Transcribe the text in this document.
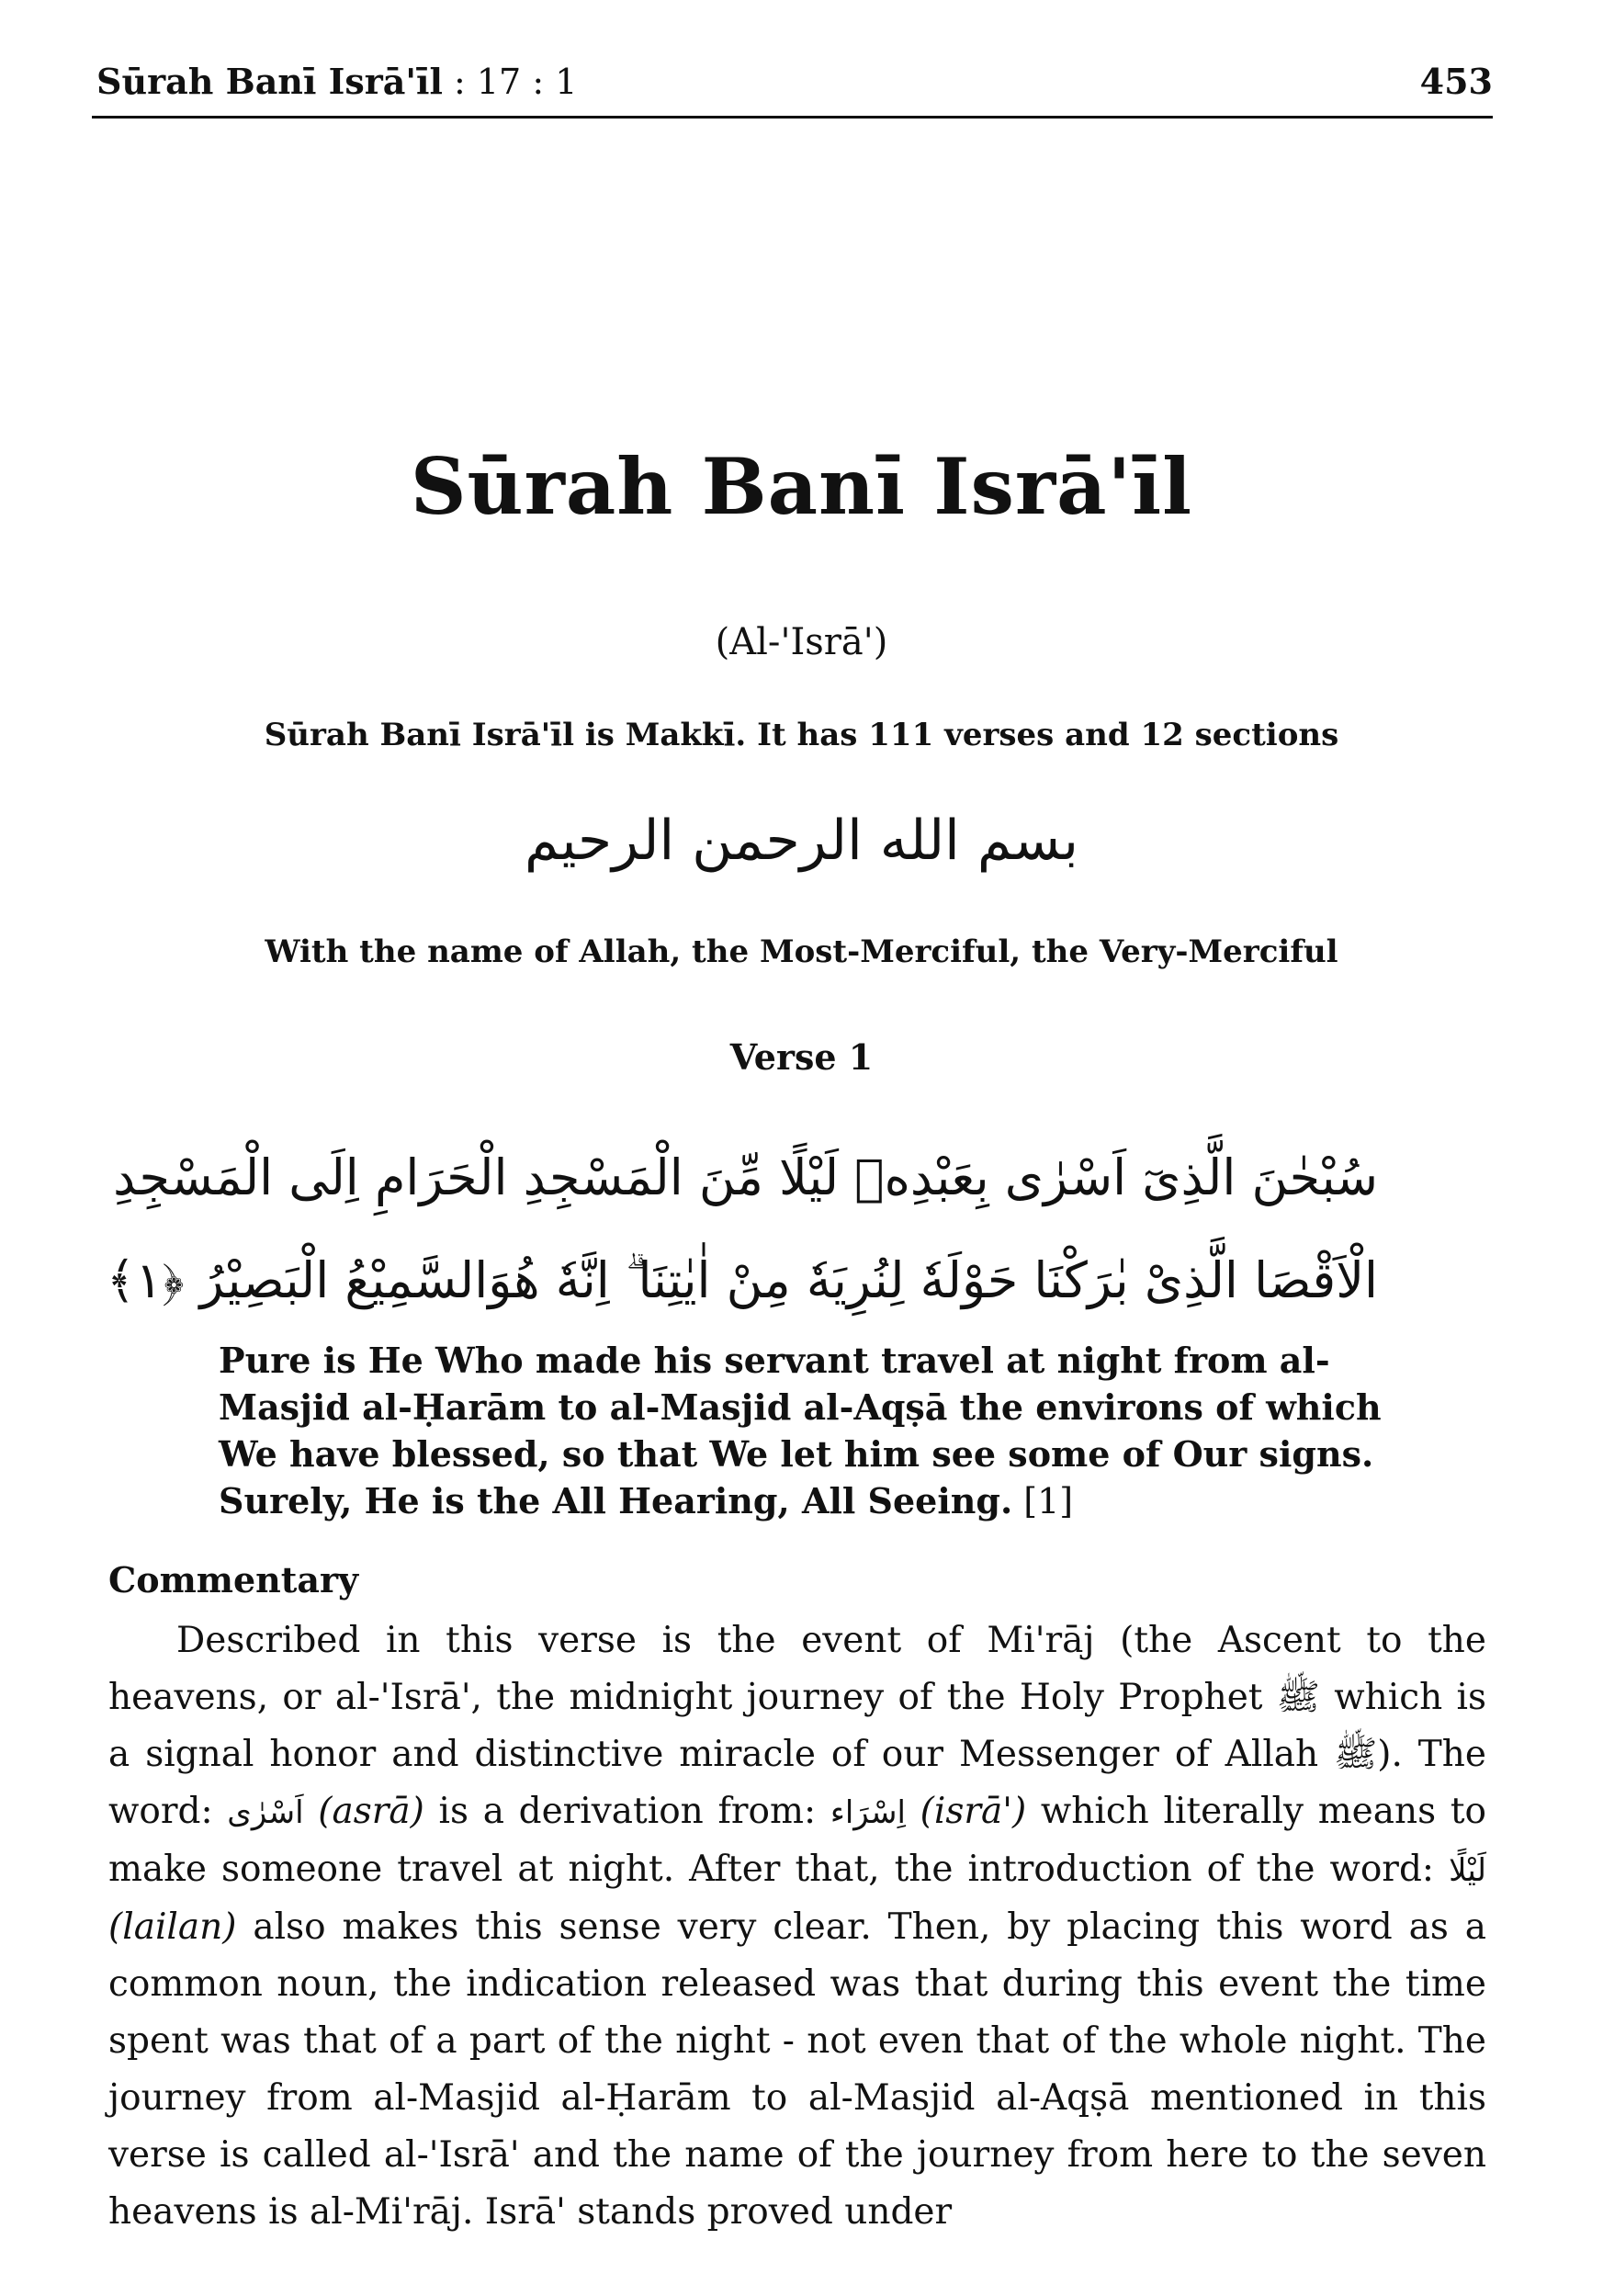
Sūrah Banī Isrā'īl : 17 : 1	453
Sūrah Banī Isrā'īl
(Al-'Isrā')
Sūrah Banī Isrā'īl is Makkī. It has 111 verses and 12 sections
بسم الله الرحمن الرحيم
With the name of Allah, the Most-Merciful, the Very-Merciful
Verse 1
سُبْحٰنَ الَّذِىٓ اَسْرٰى بِعَبْدِهٖ لَيْلًا مِّنَ الْمَسْجِدِ الْحَرَامِ اِلَى الْمَسْجِدِ
الْاَقْصَا الَّذِىْ بٰرَكْنَا حَوْلَهٗ لِنُرِيَهٗ مِنْ اٰيٰتِنَا ۗ اِنَّهٗ هُوَالسَّمِيْعُ الْبَصِيْرُ ﴿۱﴾
Pure is He Who made his servant travel at night from al-Masjid al-Ḥarām to al-Masjid al-Aqṣā the environs of which We have blessed, so that We let him see some of Our signs. Surely, He is the All Hearing, All Seeing. [1]
Commentary
Described in this verse is the event of Mi'rāj (the Ascent to the heavens, or al-'Isrā', the midnight journey of the Holy Prophet ﷺ which is a signal honor and distinctive miracle of our Messenger of Allah ﷺ). The word: اَسْرٰى (asrā) is a derivation from: اِسْرَاء (isrā') which literally means to make someone travel at night. After that, the introduction of the word: لَيْلًا (lailan) also makes this sense very clear. Then, by placing this word as a common noun, the indication released was that during this event the time spent was that of a part of the night - not even that of the whole night. The journey from al-Masjid al-Ḥarām to al-Masjid al-Aqṣā mentioned in this verse is called al-'Isrā' and the name of the journey from here to the seven heavens is al-Mi'rāj. Isrā' stands proved under
